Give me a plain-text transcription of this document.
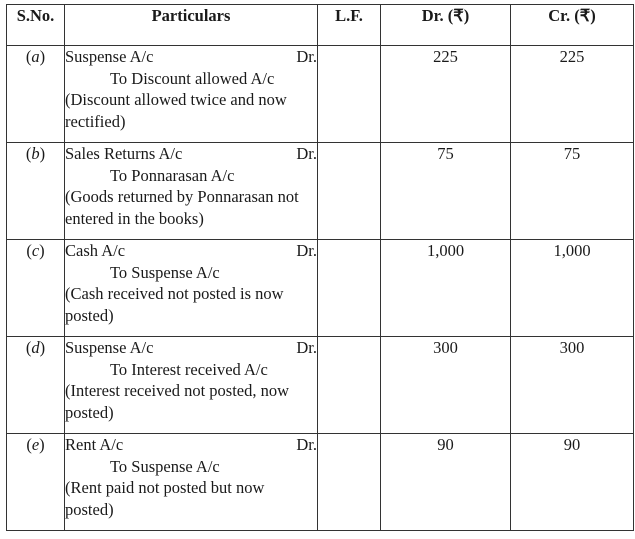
S.No.	Particulars	L.F.	Dr. (₹)	Cr. (₹)
(a)	Suspense A/c Dr.
To Discount allowed A/c
(Discount allowed twice and now rectified)		225	225
(b)	Sales Returns A/c Dr.
To Ponnarasan A/c
(Goods returned by Ponnarasan not entered in the books)		75	75
(c)	Cash A/c Dr.
To Suspense A/c
(Cash received not posted is now posted)		1,000	1,000
(d)	Suspense A/c Dr.
To Interest received A/c
(Interest received not posted, now posted)		300	300
(e)	Rent A/c Dr.
To Suspense A/c
(Rent paid not posted but now posted)		90	90
